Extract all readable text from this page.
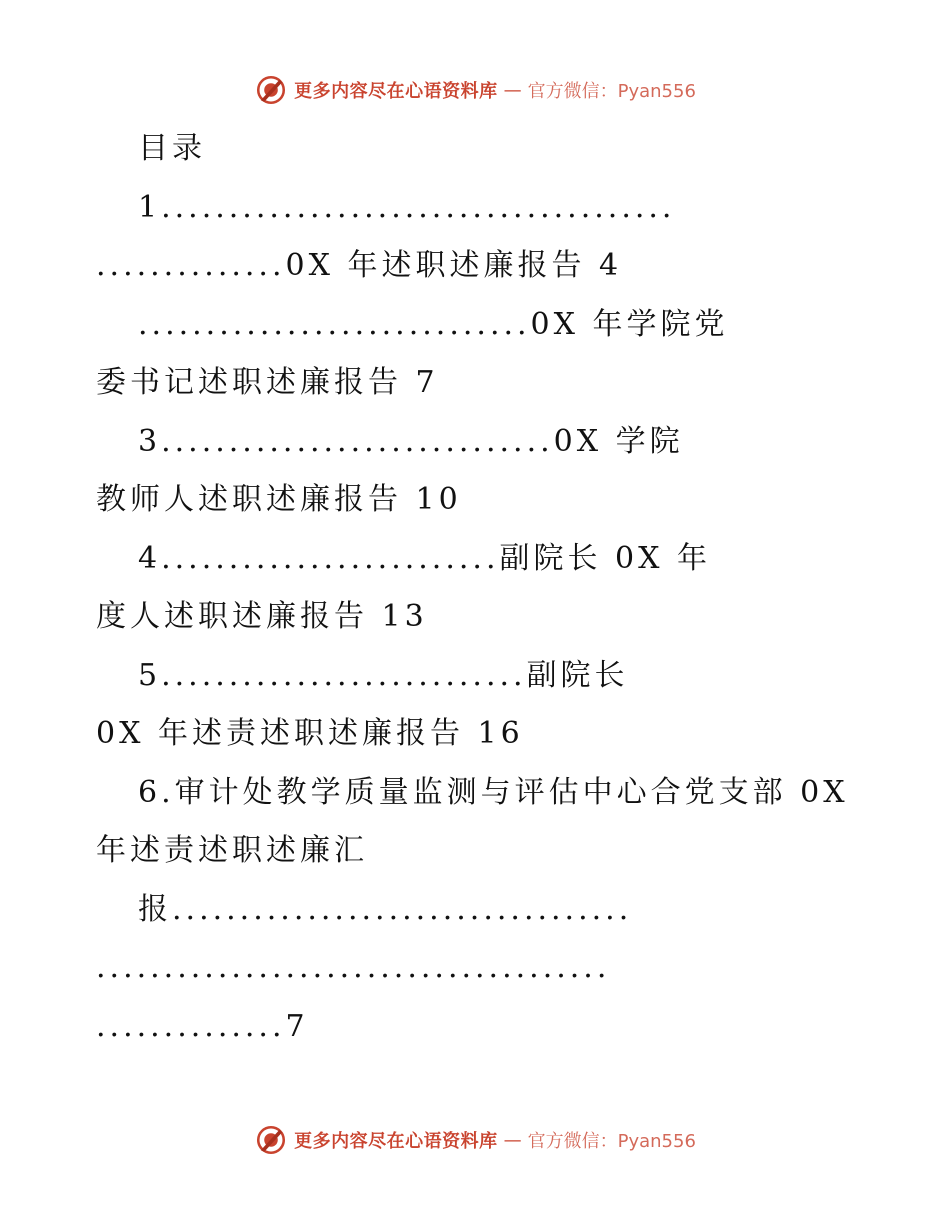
更多内容尽在心语资料库 — 官方微信：Pyan556
目录
1......................................
..............0X 年述职述廉报告 4
.............................0X 年学院党
委书记述职述廉报告 7
3.............................0X 学院
教师人述职述廉报告 10
4.........................副院长 0X 年
度人述职述廉报告 13
5...........................副院长
0X 年述责述职述廉报告 16
6.审计处教学质量监测与评估中心合党支部 0X
年述责述职述廉汇
报..................................
......................................
..............7
更多内容尽在心语资料库 — 官方微信：Pyan556
